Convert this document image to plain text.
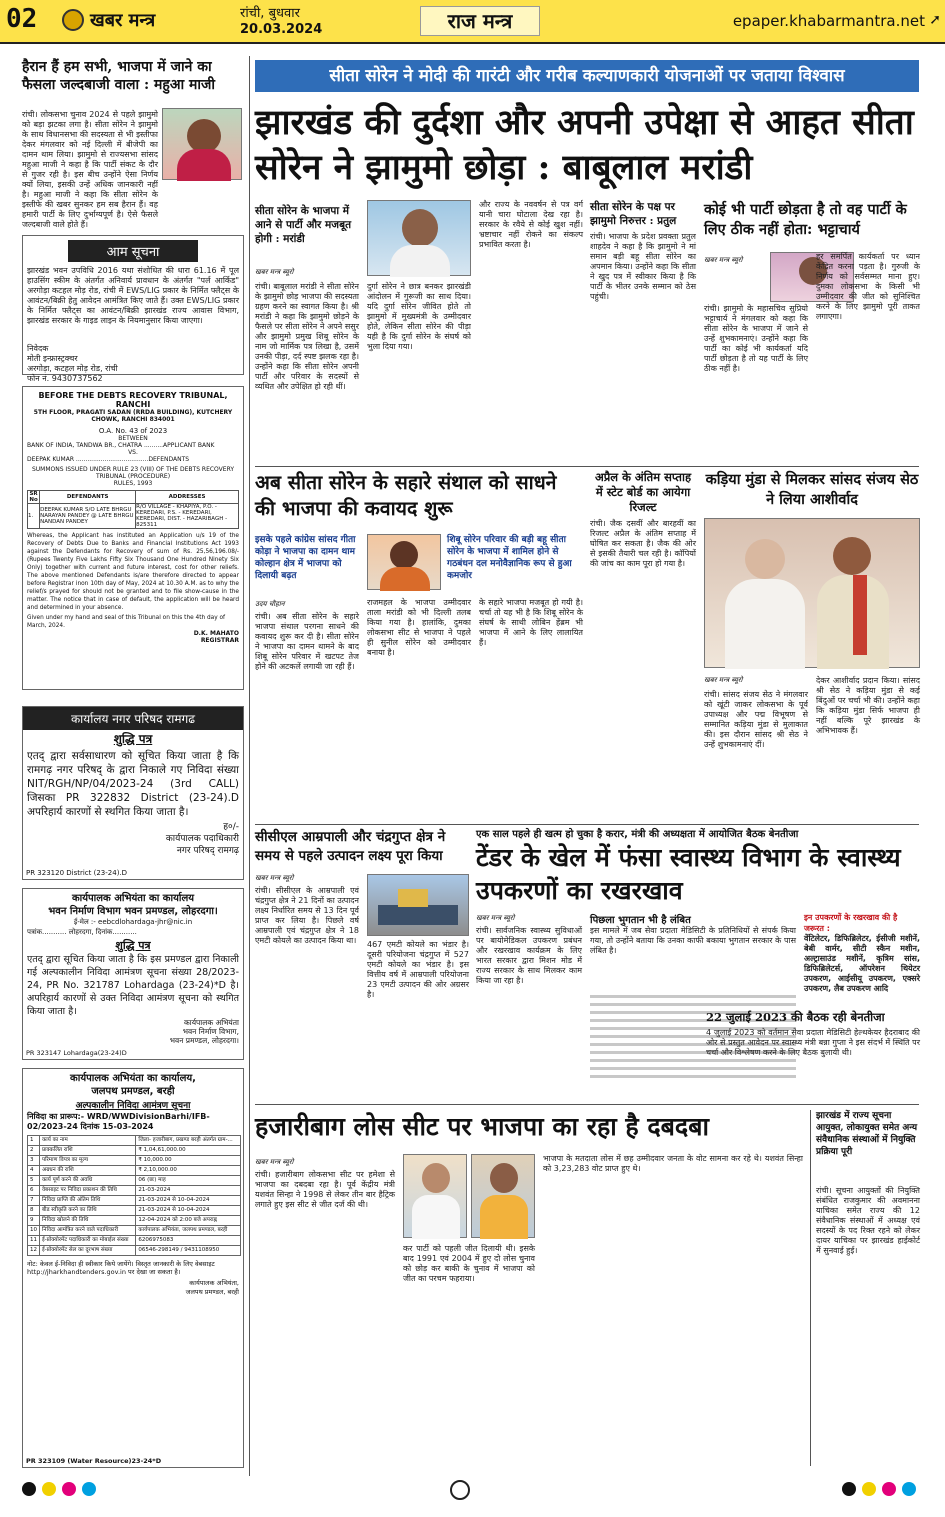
02	खबर मन्त्र	रांची, बुधवार
20.03.2024	राज मन्त्र	epaper.khabarmantra.net ➚
हैरान हैं हम सभी, भाजपा में जाने का फैसला जल्दबाजी वाला : महुआ माजी
रांची। लोकसभा चुनाव 2024 से पहले झामुमो को बड़ा झटका लगा है। सीता सोरेन ने झामुमो के साथ विधानसभा की सदस्यता से भी इस्तीफा देकर मंगलवार को नई दिल्ली में बीजेपी का दामन थाम लिया। झामुमो से राज्यसभा सांसद महुआ माजी ने कहा है कि पार्टी संकट के दौर से गुजर रही है। इस बीच उन्होंने ऐसा निर्णय क्यों लिया, इसकी उन्हें अधिक जानकारी नहीं है। महुआ माजी ने कहा कि सीता सोरेन के इस्तीफे की खबर सुनकर हम सब हैरान हैं। वह हमारी पार्टी के लिए दुर्भाग्यपूर्ण है। ऐसे फैसले जल्दबाजी वाले होते हैं।
आम सूचना
झारखंड भवन उपविधि 2016 यथा संशोधित की धारा 61.16 में पूल हाउसिंग स्कीम के अंतर्गत अनिवार्य प्रावधान के अंतर्गत "पर्ल आर्किड" अरगोड़ा कटहल मोड़ रोड, रांची में EWS/LIG प्रकार के निर्मित फ्लैट्स के आवंटन/बिक्री हेतु आवेदन आमंत्रित किए जाते हैं। उक्त EWS/LIG प्रकार के निर्मित फ्लैट्स का आवंटन/बिक्री झारखंड राज्य आवास विभाग, झारखंड सरकार के गाइड लाइन के नियमानुसार किया जाएगा।
निवेदक
मोती इन्फ्रास्ट्रक्चर
अरगोड़ा, कटहल मोड़ रोड, रांची
फोन नं. 9430737562
BEFORE THE DEBTS RECOVERY TRIBUNAL, RANCHI
5TH FLOOR, PRAGATI SADAN (RRDA BUILDING), KUTCHERY CHOWK, RANCHI 834001
O.A. No. 43 of 2023
BETWEEN
BANK OF INDIA, TANDWA BR., CHATRA ..........APPLICANT BANK
VS.
DEEPAK KUMAR ......................................DEFENDANTS
SUMMONS ISSUED UNDER RULE 23 (VIII) OF THE DEBTS RECOVERY TRIBUNAL (PROCEDURE)
RULES, 1993
SR No	DEFENDANTS	ADDRESSES
1.	DEEPAK KUMAR S/O LATE BHRGU NARAYAN PANDEY @ LATE BHRGU NANDAN PANDEY	R/O VILLAGE - KHAPIYA, P.O. - KEREDARI, P.S. - KEREDARI, KEREDARI, DIST. - HAZARIBAGH - 825311
Whereas, the Applicant has instituted an Application u/s 19 of the Recovery of Debts Due to Banks and Financial Institutions Act 1993 against the Defendants for Recovery of sum of Rs. 25,56,196.08/- (Rupees Twenty Five Lakhs Fifty Six Thousand One Hundred Ninety Six Only) together with current and future interest, cost for other reliefs. The above mentioned Defendants is/are therefore directed to appear before Registrar inon 10th day of May, 2024 at 10.30 A.M. as to why the relief/s prayed for should not be granted and to file show-cause in the matter. The notice that in case of default, the application will be heard and determined in your absence.
Given under my hand and seal of this Tribunal on this the 4th day of March, 2024.
D.K. MAHATO
REGISTRAR
कार्यालय नगर परिषद रामगढ
शुद्धि पत्र
एतद् द्वारा सर्वसाधारण को सूचित किया जाता है कि रामगढ़ नगर परिषद् के द्वारा निकाले गए निविदा संख्या NIT/RGH/NP/04/2023-24 (3rd CALL) जिसका PR 322832 District (23-24).D अपरिहार्य कारणों से स्थगित किया जाता है।
ह०/-
कार्यपालक पदाधिकारी
नगर परिषद् रामगढ़
PR 323120 District (23-24).D
कार्यपालक अभियंता का कार्यालय
भवन निर्माण विभाग भवन प्रमण्डल, लोहरदगा।
ई-मेल :- eebcdlohardaga-jhr@nic.in
पत्रांक........... लोहरदगा, दिनांक...........
शुद्धि पत्र
एतद् द्वारा सूचित किया जाता है कि इस प्रमण्डल द्वारा निकाली गई अल्पकालीन निविदा आमंत्रण सूचना संख्या 28/2023-24, PR No. 321787 Lohardaga (23-24)*D है। अपरिहार्य कारणों से उक्त निविदा आमंत्रण सूचना को स्थगित किया जाता है।
कार्यपालक अभियंता
भवन निर्माण विभाग,
भवन प्रमण्डल, लोहरदगा।
PR 323147 Lohardaga(23-24)D
कार्यपालक अभियंता का कार्यालय,
जलपथ प्रमण्डल, बरही
अल्पकालीन निविदा आमंत्रण सूचना
निविदा का प्रारूप:- WRD/WWDivisionBarhi/IFB- 02/2023-24 दिनांक 15-03-2024
1	कार्य का नाम	जिला- हजारीबाग, प्रखण्ड बरही अंतर्गत ग्राम-...
2	प्राक्कलित राशि	₹ 1,04,61,000.00
3	परिमाण विपत्र का मूल्य	₹ 10,000.00
4	अग्रधन की राशि	₹ 2,10,000.00
5	कार्य पूर्ण करने की अवधि	06 (छः) माह
6	वेबसाइट पर निविदा प्रकाशन की तिथि	21-03-2024
7	निविदा प्राप्ति की अंतिम तिथि	21-03-2024 से 10-04-2024
8	बीड स्वीकृति करने का तिथि	21-03-2024 से 10-04-2024
9	निविदा खोलने की तिथि	12-04-2024 को 2:00 बजे अपराह्न
10	निविदा आमंत्रित करने वाले पदाधिकारी	कार्यपालक अभियंता, जलपथ प्रमण्डल, बरही
11	ई-प्रोक्योरमेंट पदाधिकारी का मोबाईल संख्या	6206975083
12	ई-प्रोक्योरमेंट सेल का दूरभाष संख्या	06546-298149 / 9431108950
नोट: केवल ई-निविदा ही स्वीकार किये जायेंगे। विस्तृत जानकारी के लिए वेबसाइट http://jharkhandtenders.gov.in पर देखा जा सकता है।
कार्यपालक अभियंता,
जलपथ प्रमण्डल, बरही
PR 323109 (Water Resource)23-24*D
सीता सोरेन ने मोदी की गारंटी और गरीब कल्याणकारी योजनाओं पर जताया विश्वास
झारखंड की दुर्दशा और अपनी उपेक्षा से आहत सीता सोरेन ने झामुमो छोड़ा : बाबूलाल मरांडी
सीता सोरेन के भाजपा में आने से पार्टी और मजबूत होगी : मरांडी
खबर मन्त्र ब्यूरो
रांची। बाबूलाल मरांडी ने सीता सोरेन के झामुमो छोड़ भाजपा की सदस्यता ग्रहण करने का स्वागत किया है। श्री मरांडी ने कहा कि झामुमो छोड़ने के फैसले पर सीता सोरेन ने अपने ससुर और झामुमो प्रमुख शिबू सोरेन के नाम जो मार्मिक पत्र लिखा है, उसमें उनकी पीड़ा, दर्द स्पष्ट झलक रहा है। उन्होंने कहा कि सीता सोरेन अपनी पार्टी और परिवार के सदस्यों से व्यथित और उपेक्षित हो रही थीं।
दुर्गा सोरेन ने छात्र बनकर झारखंडी आंदोलन में गुरूजी का साथ दिया। यदि दुर्गा सोरेन जीवित होते तो झामुमो में मुख्यमंत्री के उम्मीदवार होते, लेकिन सीता सोरेन की पीड़ा यही है कि दुर्गा सोरेन के संघर्ष को भुला दिया गया।
और राज्य के नववर्षन से पत्र वर्ग यानी चारा घोटाला देख रहा है। सरकार के रवैये से कोई खुश नहीं। भ्रष्टाचार नहीं रोकने का संकल्प प्रभावित करता है।
सीता सोरेन के पक्ष पर झामुमो निरुत्तर : प्रतुल
रांची। भाजपा के प्रदेश प्रवक्ता प्रतुल शाहदेव ने कहा है कि झामुमो ने मां समान बड़ी बहू सीता सोरेन का अपमान किया। उन्होंने कहा कि सीता ने खुद पत्र में स्वीकार किया है कि पार्टी के भीतर उनके सम्मान को ठेस पहुंची।
कोई भी पार्टी छोड़ता है तो वह पार्टी के लिए ठीक नहीं होता: भट्टाचार्य
खबर मन्त्र ब्यूरो
रांची। झामुमो के महासचिव सुप्रियो भट्टाचार्य ने मंगलवार को कहा कि सीता सोरेन के भाजपा में जाने से उन्हें शुभकामनाएं। उन्होंने कहा कि पार्टी का कोई भी कार्यकर्ता यदि पार्टी छोड़ता है तो यह पार्टी के लिए ठीक नहीं है।
हर समर्पित कार्यकर्ता पर ध्यान केंद्रित करना पड़ता है। गुरुजी के निर्णय को सर्वसम्मत माना हुए। दुमका लोकसभा के किसी भी उम्मीदवार की जीत को सुनिश्चित करने के लिए झामुमो पूरी ताकत लगाएगा।
अब सीता सोरेन के सहारे संथाल को साधने की भाजपा की कवायद शुरू
इसके पहले कांग्रेस सांसद गीता कोड़ा ने भाजपा का दामन थाम कोल्हान क्षेत्र में भाजपा को दिलायी बढ़त
शिबू सोरेन परिवार की बड़ी बहू सीता सोरेन के भाजपा में शामिल होने से गठबंधन दल मनोवैज्ञानिक रूप से हुआ कमजोर
उदय चौहान
रांची। अब सीता सोरेन के सहारे भाजपा संथाल परगना साधने की कवायद शुरू कर दी है। सीता सोरेन ने भाजपा का दामन थामने के बाद शिबू सोरेन परिवार में खटपट तेज होने की अटकलें लगायी जा रही हैं।
राजमहल के भाजपा उम्मीदवार ताला मरांडी को भी दिल्ली तलब किया गया है। हालांकि, दुमका लोकसभा सीट से भाजपा ने पहले ही सुनील सोरेन को उम्मीदवार बनाया है।
के सहारे भाजपा मजबूत हो गयी है। चर्चा तो यह भी है कि शिबू सोरेन के संघर्ष के साथी लोबिन हेंब्रम भी भाजपा में आने के लिए लालायित हैं।
अप्रैल के अंतिम सप्ताह में स्टेट बोर्ड का आयेगा रिजल्ट
रांची। जैक दसवीं और बारहवीं का रिजल्ट अप्रैल के अंतिम सप्ताह में घोषित कर सकता है। जैक की ओर से इसकी तैयारी चल रही है। कॉपियों की जांच का काम पूरा हो गया है।
कड़िया मुंडा से मिलकर सांसद संजय सेठ ने लिया आशीर्वाद
खबर मन्त्र ब्यूरो
रांची। सांसद संजय सेठ ने मंगलवार को खूंटी जाकर लोकसभा के पूर्व उपाध्यक्ष और पद्म विभूषण से सम्मानित कड़िया मुंडा से मुलाकात की। इस दौरान सांसद श्री सेठ ने उन्हें शुभकामनाएं दीं।
देकर आशीर्वाद प्रदान किया। सांसद श्री सेठ ने कड़िया मुंडा से कई बिंदुओं पर चर्चा भी की। उन्होंने कहा कि कड़िया मुंडा सिर्फ भाजपा ही नहीं बल्कि पूरे झारखंड के अभिभावक हैं।
सीसीएल आम्रपाली और चंद्रगुप्त क्षेत्र ने समय से पहले उत्पादन लक्ष्य पूरा किया
खबर मन्त्र ब्यूरो
रांची। सीसीएल के आम्रपाली एवं चंद्रगुप्त क्षेत्र ने 21 दिनों का उत्पादन लक्ष्य निर्धारित समय से 13 दिन पूर्व प्राप्त कर लिया है। पिछले वर्ष आम्रपाली एवं चंद्रगुप्त क्षेत्र ने 18 एमटी कोयले का उत्पादन किया था।	467 एमटी कोयले का भंडार है। दूसरी परियोजना चंद्रगुप्त में 527 एमटी कोयले का भंडार है। इस वित्तीय वर्ष में आम्रपाली परियोजना 23 एमटी उत्पादन की ओर अग्रसर है।
एक साल पहले ही खत्म हो चुका है करार, मंत्री की अध्यक्षता में आयोजित बैठक बेनतीजा
टेंडर के खेल में फंसा स्वास्थ्य विभाग के स्वास्थ्य उपकरणों का रखरखाव
खबर मन्त्र ब्यूरो
रांची। सार्वजनिक स्वास्थ्य सुविधाओं पर बायोमेडिकल उपकरण प्रबंधन और रखरखाव कार्यक्रम के लिए भारत सरकार द्वारा मिशन मोड में राज्य सरकार के साथ मिलकर काम किया जा रहा है।
पिछला भुगतान भी है लंबित
इस मामले में जब सेवा प्रदाता मेडिसिटी के प्रतिनिधियों से संपर्क किया गया, तो उन्होंने बताया कि उनका काफी बकाया भुगतान सरकार के पास लंबित है।
इन उपकरणों के रखरखाव की है जरूरत :
वेंटिलेटर, डिफिब्रिलेटर, ईसीजी मशीनें, बेबी वार्मर, सीटी स्कैन मशीन, अल्ट्रासाउंड मशीनें, कृत्रिम सांस, डिफिब्रिलेटर्स, ऑपरेशन थियेटर उपकरण, आईसीयू उपकरण, एक्सरे उपकरण, लैब उपकरण आदि
22 जुलाई 2023 की बैठक रही बेनतीजा
4 जुलाई 2023 को वर्तमान सेवा प्रदाता मेडिसिटी हेल्थकेयर हैदराबाद की ओर से प्रस्तुत आवेदन पर स्वास्थ्य मंत्री बन्ना गुप्ता ने इस संदर्भ में स्थिति पर चर्चा और विश्लेषण करने के लिए बैठक बुलायी थी।
हजारीबाग लोस सीट पर भाजपा का रहा है दबदबा
खबर मन्त्र ब्यूरो
रांची। हजारीबाग लोकसभा सीट पर हमेशा से भाजपा का दबदबा रहा है। पूर्व केंद्रीय मंत्री यशवंत सिन्हा ने 1998 से लेकर तीन बार हैट्रिक लगाते हुए इस सीट से जीत दर्ज की थी।
कर पार्टी को पहली जीत दिलायी थी। इसके बाद 1991 एवं 2004 में हुए दो लोस चुनाव को छोड़ कर बाकी के चुनाव में भाजपा को जीत का परचम फहराया।
भाजपा के मतदाता लोस में छह उम्मीदवार जनता के वोट सामना कर रहे थे। यशवंत सिन्हा को 3,23,283 वोट प्राप्त हुए थे।
झारखंड में राज्य सूचना आयुक्त, लोकायुक्त समेत अन्य संवैधानिक संस्थाओं में नियुक्ति प्रक्रिया पूरी
रांची। सूचना आयुक्तों की नियुक्ति संबंधित राजकुमार की अवमानना याचिका समेत राज्य की 12 संवैधानिक संस्थाओं में अध्यक्ष एवं सदस्यों के पद रिक्त रहने को लेकर दायर याचिका पर झारखंड हाईकोर्ट में सुनवाई हुई।
